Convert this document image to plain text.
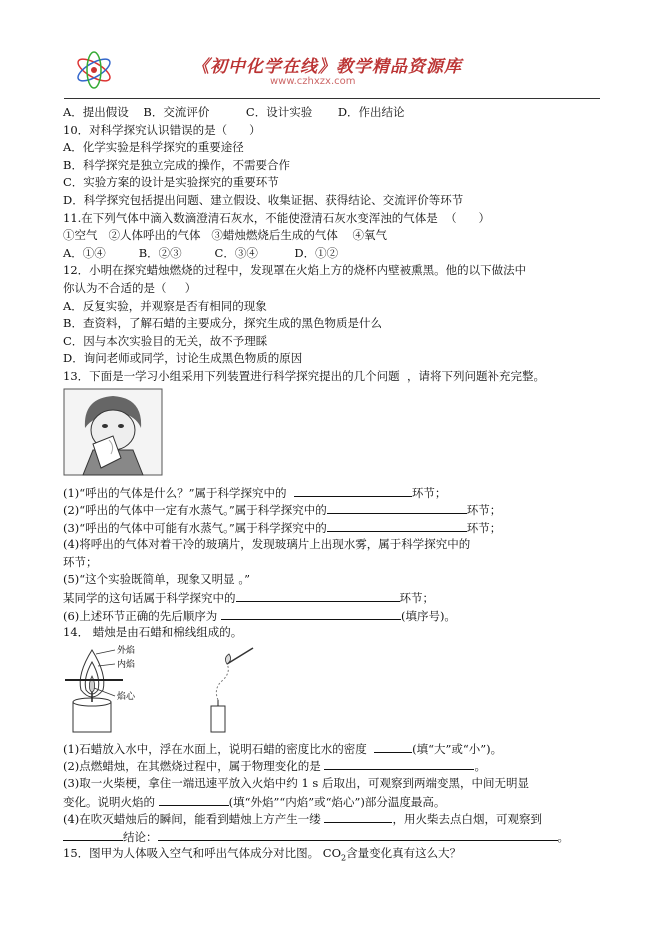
《初中化学在线》教学精品资源库
www.czhxzx.com
A．提出假设    B．交流评价          C．设计实验       D．作出结论
10．对科学探究认识错误的是（      ）
A．化学实验是科学探究的重要途径
B．科学探究是独立完成的操作，不需要合作
C．实验方案的设计是实验探究的重要环节
D．科学探究包括提出问题、建立假设、收集证据、获得结论、交流评价等环节
11.在下列气体中滴入数滴澄清石灰水，不能使澄清石灰水变浑浊的气体是  （      ）
①空气   ②人体呼出的气体   ③蜡烛燃烧后生成的气体    ④氧气
A．①④         B．②③         C．③④          D．①②
12．小明在探究蜡烛燃烧的过程中，发现罩在火焰上方的烧杯内壁被熏黑。他的以下做法中
你认为不合适的是（     ）
A．反复实验，并观察是否有相同的现象
B．查资料，了解石蜡的主要成分，探究生成的黑色物质是什么
C．因与本次实验目的无关，故不予理睬
D．询问老师或同学，讨论生成黑色物质的原因
13．下面是一学习小组采用下列装置进行科学探究提出的几个问题  ，请将下列问题补充完整。
(1)“呼出的气体是什么？”属于科学探究中的	环节；
(2)“呼出的气体中一定有水蒸气。”属于科学探究中的	环节；
(3)“呼出的气体中可能有水蒸气。”属于科学探究中的	环节；
(4)将呼出的气体对着干冷的玻璃片，发现玻璃片上出现水雾，属于科学探究中的
环节；
(5)“这个实验既简单，现象又明显 。”
某同学的这句话属于科学探究中的	环节；
(6)上述环节正确的先后顺序为	(填序号)。
14． 蜡烛是由石蜡和棉线组成的。
外焰
内焰
焰心
(1)石蜡放入水中，浮在水面上，说明石蜡的密度比水的密度	(填“大”或“小”)。
(2)点燃蜡烛，在其燃烧过程中，属于物理变化的是	。
(3)取一火柴梗，拿住一端迅速平放入火焰中约 1 s 后取出，可观察到两端变黑，中间无明显
变化。说明火焰的	(填“外焰”“内焰”或“焰心”)部分温度最高。
(4)在吹灭蜡烛后的瞬间，能看到蜡烛上方产生一缕	，用火柴去点白烟，可观察到
结论：	。
15．图甲为人体吸入空气和呼出气体成分对比图。 $CO_2$含量变化真有这么大？
